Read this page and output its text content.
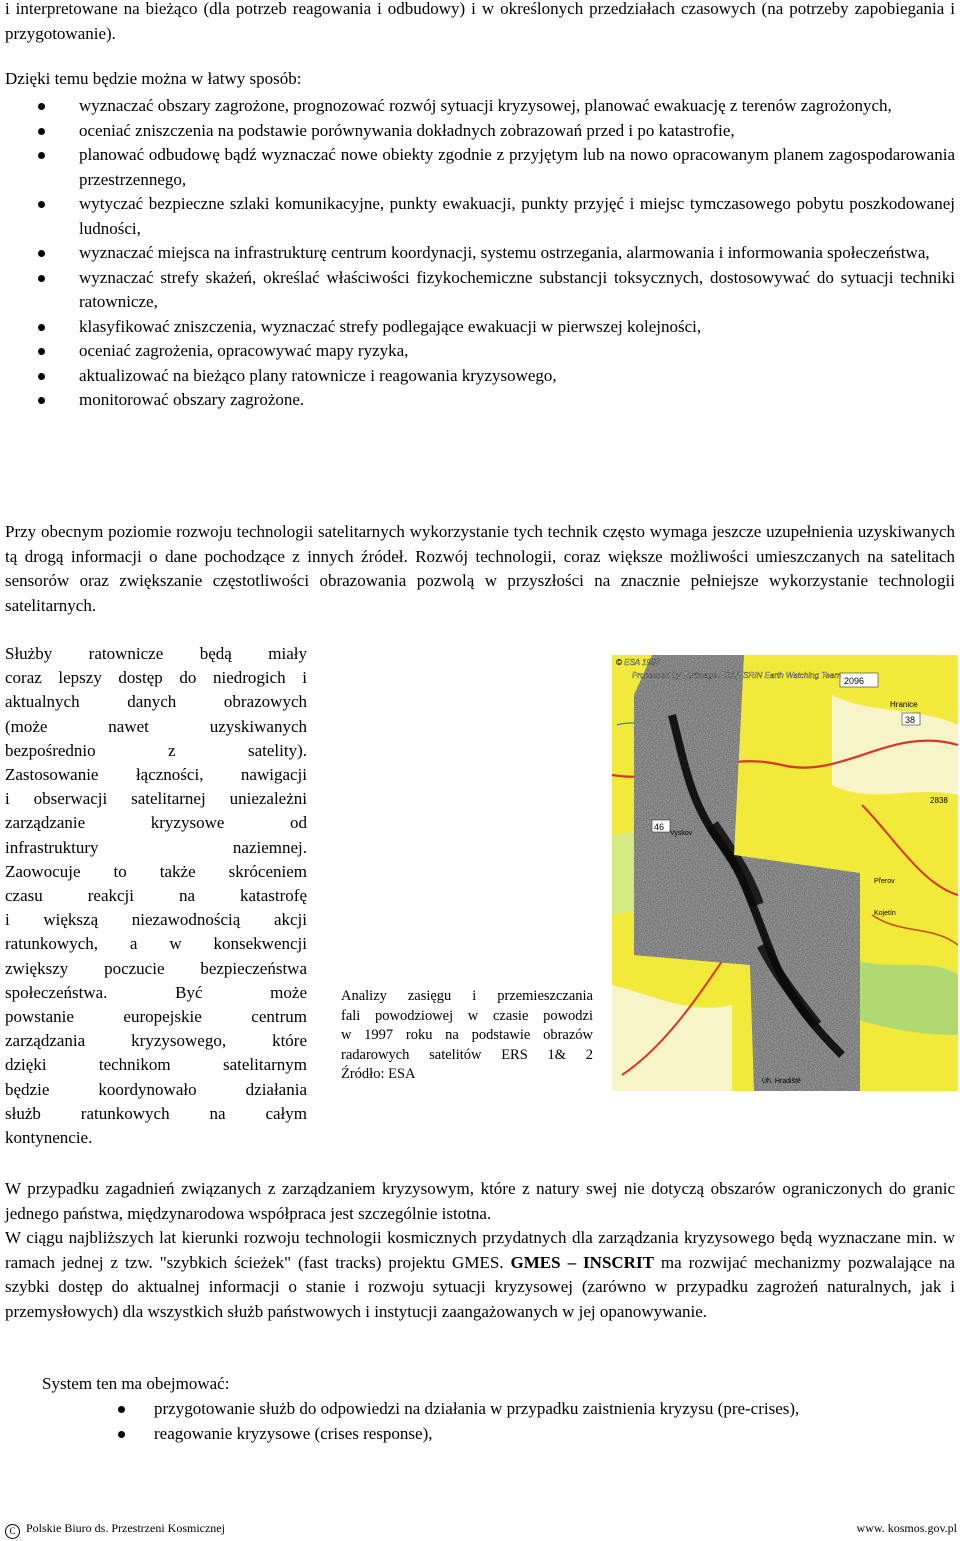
i interpretowane na bieżąco (dla potrzeb reagowania i odbudowy) i w określonych przedziałach czasowych (na potrzeby zapobiegania i przygotowanie).

Dzięki temu będzie można w łatwy sposób:

wyznaczać obszary zagrożone, prognozować rozwój sytuacji kryzysowej, planować ewakuację z terenów zagrożonych,
oceniać zniszczenia na podstawie porównywania dokładnych zobrazowań przed i po katastrofie,
planować odbudowę bądź wyznaczać nowe obiekty zgodnie z przyjętym lub na nowo opracowanym planem zagospodarowania przestrzennego,
wytyczać bezpieczne szlaki komunikacyjne, punkty ewakuacji, punkty przyjęć i miejsc tymczasowego pobytu poszkodowanej ludności,
wyznaczać miejsca na infrastrukturę centrum koordynacji, systemu ostrzegania, alarmowania i informowania społeczeństwa,
wyznaczać strefy skażeń, określać właściwości fizykochemiczne substancji toksycznych, dostosowywać do sytuacji techniki ratownicze,
klasyfikować zniszczenia, wyznaczać strefy podlegające ewakuacji w pierwszej kolejności,
oceniać zagrożenia, opracowywać mapy ryzyka,
aktualizować na bieżąco plany ratownicze i reagowania kryzysowego,
monitorować obszary zagrożone.

Przy obecnym poziomie rozwoju technologii satelitarnych wykorzystanie tych technik często wymaga jeszcze uzupełnienia uzyskiwanych tą drogą informacji o dane pochodzące z innych źródeł. Rozwój technologii, coraz większe możliwości umieszczanych na satelitach sensorów oraz zwiększanie częstotliwości obrazowania pozwolą w przyszłości na znacznie pełniejsze wykorzystanie technologii satelitarnych.

Służby ratownicze będą miały
coraz lepszy dostęp do niedrogich i
aktualnych danych obrazowych
(może nawet uzyskiwanych
bezpośrednio z satelity).
Zastosowanie łączności, nawigacji
i obserwacji satelitarnej uniezależni
zarządzanie kryzysowe od
infrastruktury naziemnej.
Zaowocuje to także skróceniem
czasu reakcji na katastrofę
i większą niezawodnością akcji
ratunkowych, a w konsekwencji
zwiększy poczucie bezpieczeństwa
społeczeństwa. Być może
powstanie europejskie centrum
zarządzania kryzysowego, które
dzięki technikom satelitarnym
będzie koordynowało działania
służb ratunkowych na całym
kontynencie.
Analizy zasięgu i przemieszczania
fali powodziowej w czasie powodzi
w 1997 roku na podstawie obrazów
radarowych satelitów ERS 1& 2
Źródło: ESA
2096
Hranice
38
2838
46
Vyskov
Přerov
Kojetín
Uh. Hradiště
© ESA 1997
Processed by Eurimage-ESA/ESRIN Earth Watching Team

W przypadku zagadnień związanych z zarządzaniem kryzysowym, które z natury swej nie dotyczą obszarów ograniczonych do granic jednego państwa, międzynarodowa współpraca jest szczególnie istotna.

W ciągu najbliższych lat kierunki rozwoju technologii kosmicznych przydatnych dla zarządzania kryzysowego będą wyznaczane min. w ramach jednej z tzw. "szybkich ścieżek" (fast tracks) projektu GMES. GMES – INSCRIT ma rozwijać mechanizmy pozwalające na szybki dostęp do aktualnej informacji o stanie i rozwoju sytuacji kryzysowej (zarówno w przypadku zagrożeń naturalnych, jak i przemysłowych) dla wszystkich służb państwowych i instytucji zaangażowanych w jej opanowywanie.

System ten ma obejmować:

przygotowanie służb do odpowiedzi na działania w przypadku zaistnienia kryzysu (pre-crises),
reagowanie kryzysowe (crises response),
C Polskie Biuro ds. Przestrzeni Kosmicznej	www. kosmos.gov.pl
